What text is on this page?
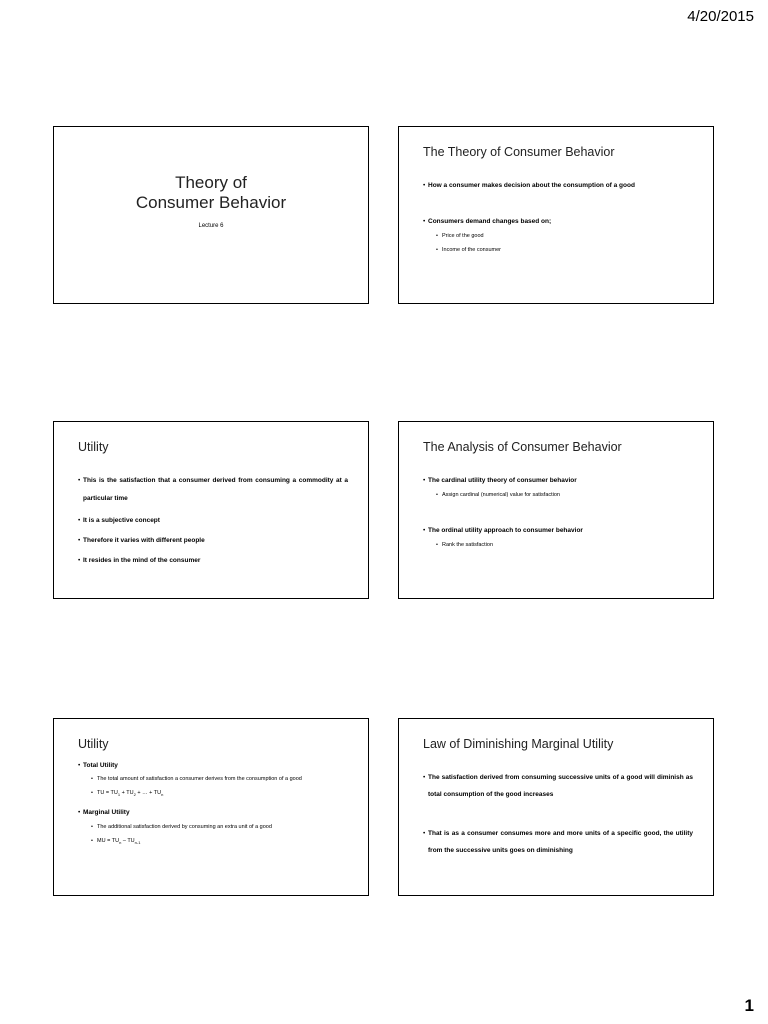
4/20/2015
Theory of Consumer Behavior
Lecture 6
The Theory of Consumer Behavior
• How a consumer makes decision about the consumption of a good
• Consumers demand changes based on;
• Price of the good
• Income of the consumer
Utility
• This is the satisfaction that a consumer derived from consuming a commodity at a particular time
• It is a subjective concept
• Therefore it varies with different people
• It resides in the mind of the consumer
The Analysis of Consumer Behavior
• The cardinal utility theory of consumer behavior
• Assign cardinal (numerical) value for satisfaction
• The ordinal utility approach to consumer behavior
• Rank the satisfaction
Utility
• Total Utility
• The total amount of satisfaction a consumer derives from the consumption of a good
• TU = $TU_1 + TU_2$ + … + $TU_n$
• Marginal Utility
• The additional satisfaction derived by consuming an extra unit of a good
• MU = $TU_n - TU_{n-1}$
Law of Diminishing Marginal Utility
• The satisfaction derived from consuming successive units of a good will diminish as total consumption of the good increases
• That is as a consumer consumes more and more units of a specific good, the utility from the successive units goes on diminishing
1
